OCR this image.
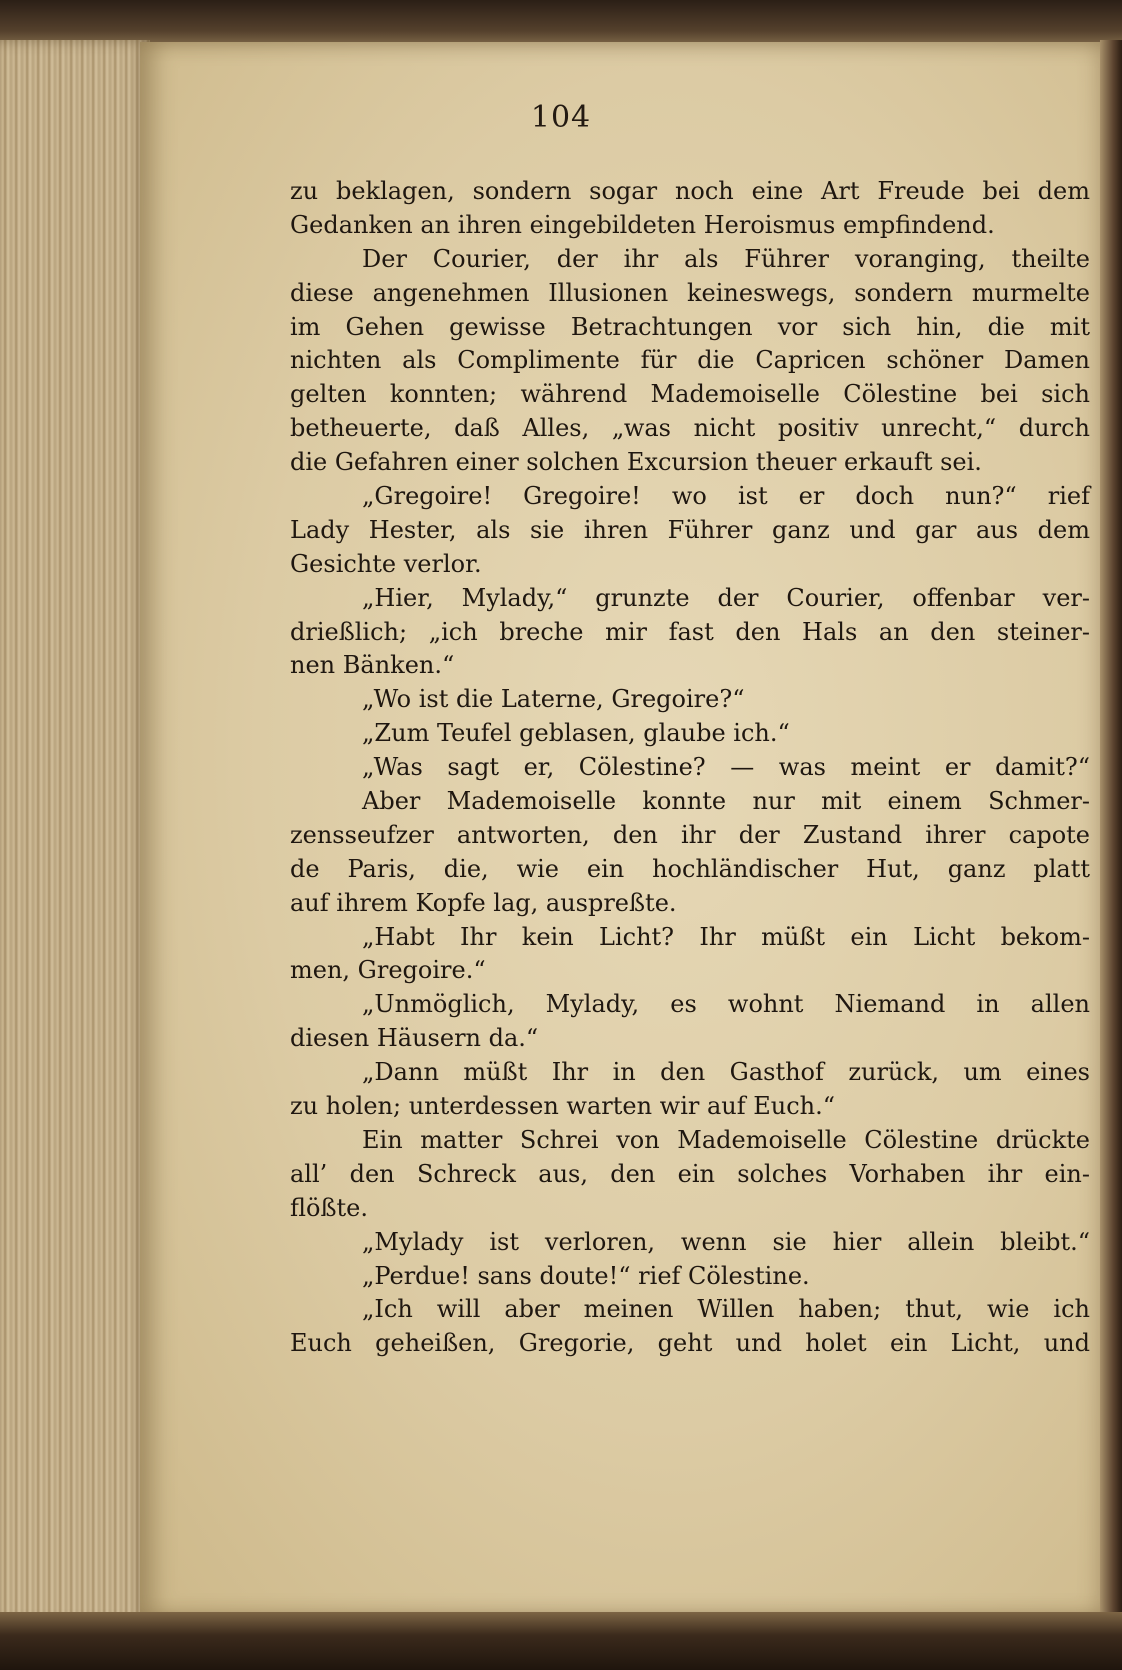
104
zu beklagen, sondern sogar noch eine Art Freude bei dem
Gedanken an ihren eingebildeten Heroismus empfindend.
Der Courier, der ihr als Führer voranging, theilte
diese angenehmen Illusionen keineswegs, sondern murmelte
im Gehen gewisse Betrachtungen vor sich hin, die mit
nichten als Complimente für die Capricen schöner Damen
gelten konnten; während Mademoiselle Cölestine bei sich
betheuerte, daß Alles, „was nicht positiv unrecht,“ durch
die Gefahren einer solchen Excursion theuer erkauft sei.
„Gregoire! Gregoire! wo ist er doch nun?“ rief
Lady Hester, als sie ihren Führer ganz und gar aus dem
Gesichte verlor.
„Hier, Mylady,“ grunzte der Courier, offenbar ver-
drießlich; „ich breche mir fast den Hals an den steiner-
nen Bänken.“
„Wo ist die Laterne, Gregoire?“
„Zum Teufel geblasen, glaube ich.“
„Was sagt er, Cölestine? — was meint er damit?“
Aber Mademoiselle konnte nur mit einem Schmer-
zensseufzer antworten, den ihr der Zustand ihrer capote
de Paris, die, wie ein hochländischer Hut, ganz platt
auf ihrem Kopfe lag, auspreßte.
„Habt Ihr kein Licht? Ihr müßt ein Licht bekom-
men, Gregoire.“
„Unmöglich, Mylady, es wohnt Niemand in allen
diesen Häusern da.“
„Dann müßt Ihr in den Gasthof zurück, um eines
zu holen; unterdessen warten wir auf Euch.“
Ein matter Schrei von Mademoiselle Cölestine drückte
all’ den Schreck aus, den ein solches Vorhaben ihr ein-
flößte.
„Mylady ist verloren, wenn sie hier allein bleibt.“
„Perdue! sans doute!“ rief Cölestine.
„Ich will aber meinen Willen haben; thut, wie ich
Euch geheißen, Gregorie, geht und holet ein Licht, und
